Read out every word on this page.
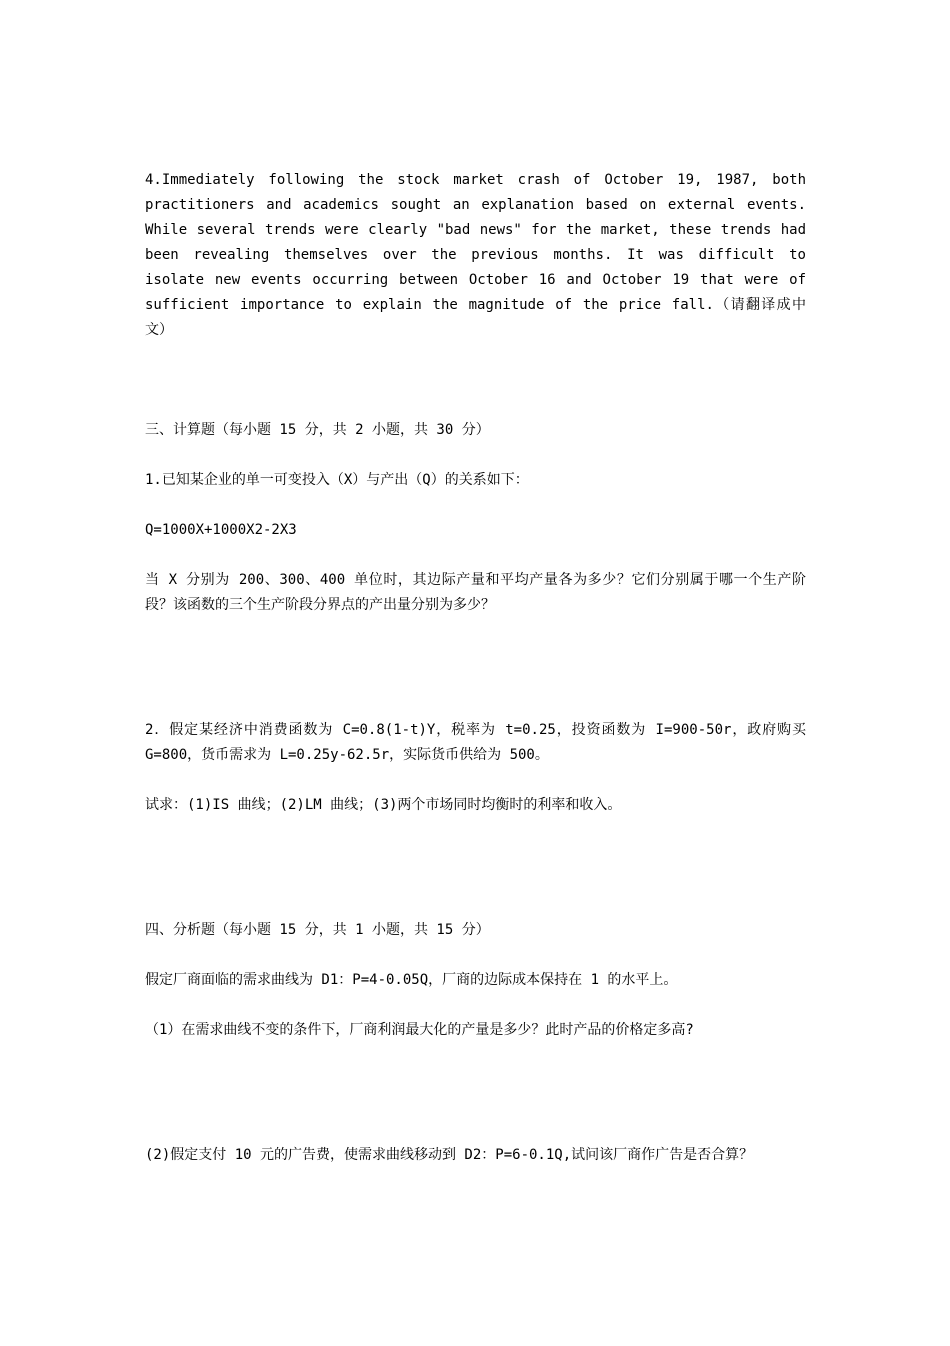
4.Immediately following the stock market crash of October 19, 1987, both practitioners and academics sought an explanation based on external events. While several trends were clearly "bad news" for the market, these trends had been revealing themselves over the previous months. It was difficult to isolate new events occurring between October 16 and October 19 that were of sufficient importance to explain the magnitude of the price fall.（请翻译成中文）

三、计算题（每小题 15 分，共 2 小题，共 30 分）

1.已知某企业的单一可变投入（X）与产出（Q）的关系如下：

Q=1000X+1000X2-2X3

当 X 分别为 200、300、400 单位时，其边际产量和平均产量各为多少？它们分别属于哪一个生产阶段？该函数的三个生产阶段分界点的产出量分别为多少？

2．假定某经济中消费函数为 C=0.8(1-t)Y，税率为 t=0.25，投资函数为 I=900-50r，政府购买 G=800，货币需求为 L=0.25y-62.5r，实际货币供给为 500。

试求：(1)IS 曲线；(2)LM 曲线；(3)两个市场同时均衡时的利率和收入。

四、分析题（每小题 15 分，共 1 小题，共 15 分）

假定厂商面临的需求曲线为 D1：P=4-0.05Q，厂商的边际成本保持在 1 的水平上。

（1）在需求曲线不变的条件下，厂商利润最大化的产量是多少？此时产品的价格定多高?

(2)假定支付 10 元的广告费，使需求曲线移动到 D2：P=6-0.1Q,试问该厂商作广告是否合算？
